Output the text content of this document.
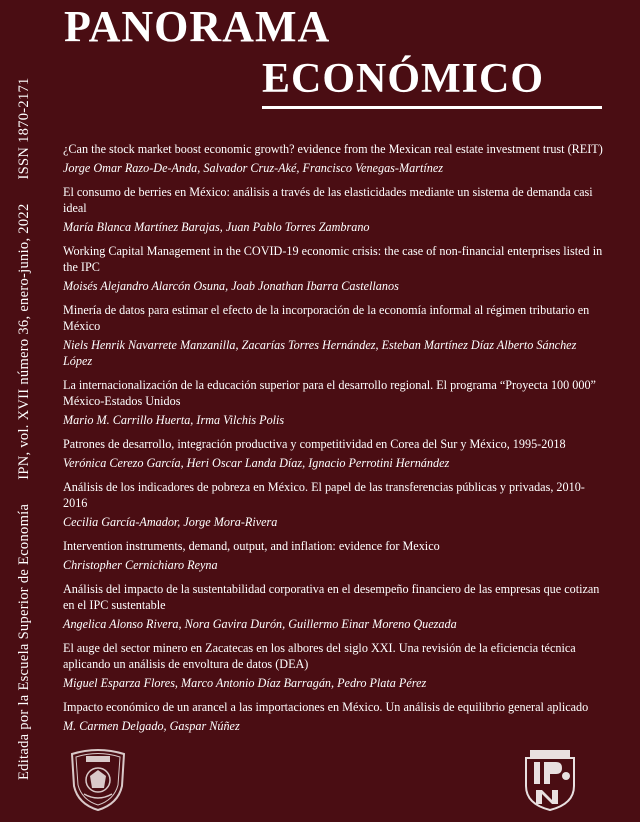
PANORAMA
ECONÓMICO
Editada por la Escuela Superior de EconomíaIPN, vol. XVII número 36, enero-junio, 2022ISSN 1870-2171	¿Can the stock market boost economic growth? evidence from the Mexican real estate investment trust (REIT)
Jorge Omar Razo-De-Anda, Salvador Cruz-Aké, Francisco Venegas-Martínez
El consumo de berries en México: análisis a través de las elasticidades mediante un sistema de demanda casi ideal
María Blanca Martínez Barajas, Juan Pablo Torres Zambrano
Working Capital Management in the COVID-19 economic crisis: the case of non-financial enterprises listed in the IPC
Moisés Alejandro Alarcón Osuna, Joab Jonathan Ibarra Castellanos
Minería de datos para estimar el efecto de la incorporación de la economía informal al régimen tributario en México
Niels Henrik Navarrete Manzanilla, Zacarías Torres Hernández, Esteban Martínez Díaz Alberto Sánchez López
La internacionalización de la educación superior para el desarrollo regional. El programa “Proyecta 100 000” México-Estados Unidos
Mario M. Carrillo Huerta, Irma Vilchis Polis
Patrones de desarrollo, integración productiva y competitividad en Corea del Sur y México, 1995-2018
Verónica Cerezo García, Heri Oscar Landa Díaz, Ignacio Perrotini Hernández
Análisis de los indicadores de pobreza en México. El papel de las transferencias públicas y privadas, 2010-2016
Cecilia García-Amador, Jorge Mora-Rivera
Intervention instruments, demand, output, and inflation: evidence for Mexico
Christopher Cernichiaro Reyna
Análisis del impacto de la sustentabilidad corporativa en el desempeño financiero de las empresas que cotizan en el IPC sustentable
Angelica Alonso Rivera, Nora Gavira Durón, Guillermo Einar Moreno Quezada
El auge del sector minero en Zacatecas en los albores del siglo XXI. Una revisión de la eficiencia técnica aplicando un análisis de envoltura de datos (DEA)
Miguel Esparza Flores, Marco Antonio Díaz Barragán, Pedro Plata Pérez
Impacto económico de un arancel a las importaciones en México. Un análisis de equilibrio general aplicado
M. Carmen Delgado, Gaspar Núñez
